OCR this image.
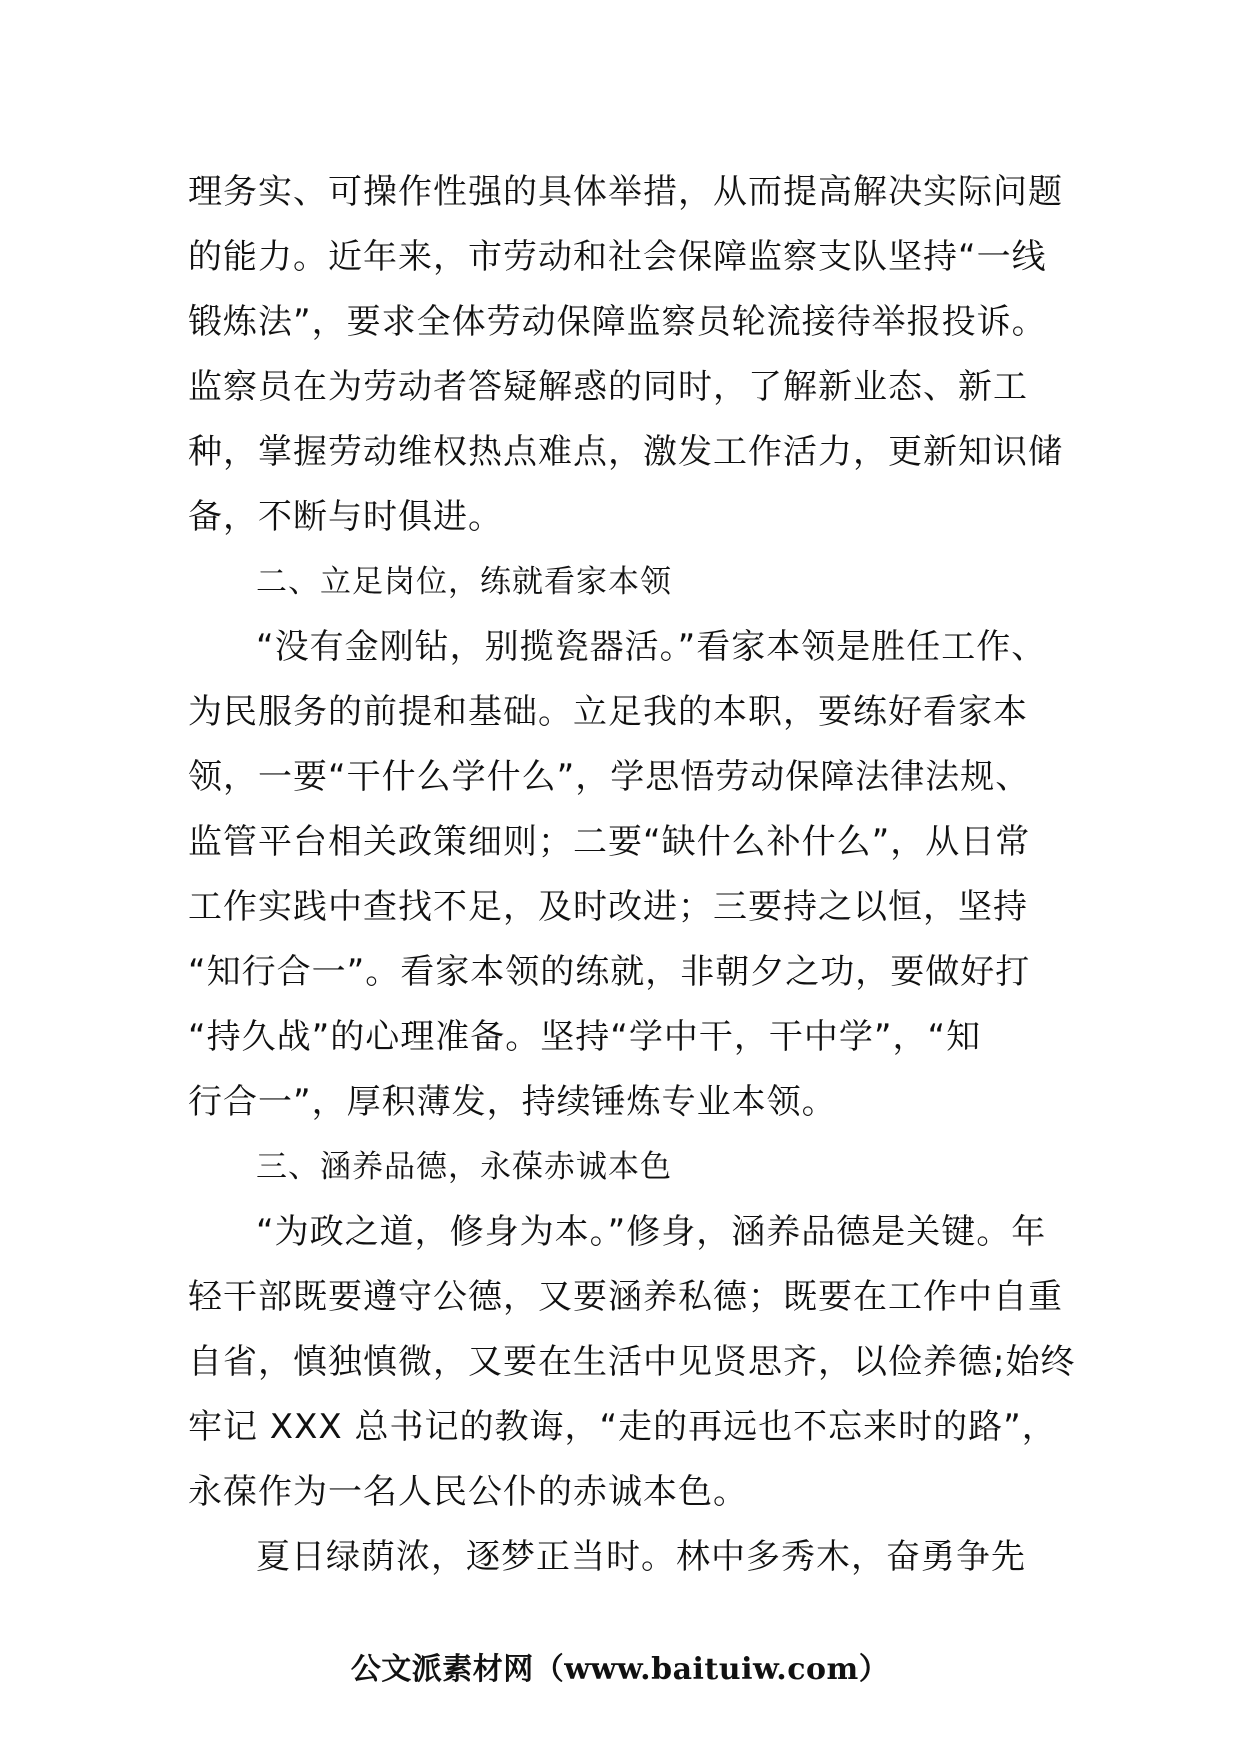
理务实、可操作性强的具体举措，从而提高解决实际问题
的能力。近年来，市劳动和社会保障监察支队坚持“一线
锻炼法”，要求全体劳动保障监察员轮流接待举报投诉。
监察员在为劳动者答疑解惑的同时，了解新业态、新工
种，掌握劳动维权热点难点，激发工作活力，更新知识储
备，不断与时俱进。
二、立足岗位，练就看家本领
“没有金刚钻，别揽瓷器活。”看家本领是胜任工作、
为民服务的前提和基础。立足我的本职，要练好看家本
领，一要“干什么学什么”，学思悟劳动保障法律法规、
监管平台相关政策细则；二要“缺什么补什么”，从日常
工作实践中查找不足，及时改进；三要持之以恒，坚持
“知行合一”。看家本领的练就，非朝夕之功，要做好打
“持久战”的心理准备。坚持“学中干，干中学”，“知
行合一”，厚积薄发，持续锤炼专业本领。
三、涵养品德，永葆赤诚本色
“为政之道，修身为本。”修身，涵养品德是关键。年
轻干部既要遵守公德，又要涵养私德；既要在工作中自重
自省，慎独慎微，又要在生活中见贤思齐，以俭养德;始终
牢记 XXX 总书记的教诲，“走的再远也不忘来时的路”，
永葆作为一名人民公仆的赤诚本色。
夏日绿荫浓，逐梦正当时。林中多秀木，奋勇争先
公文派素材网（www.baituiw.com）
